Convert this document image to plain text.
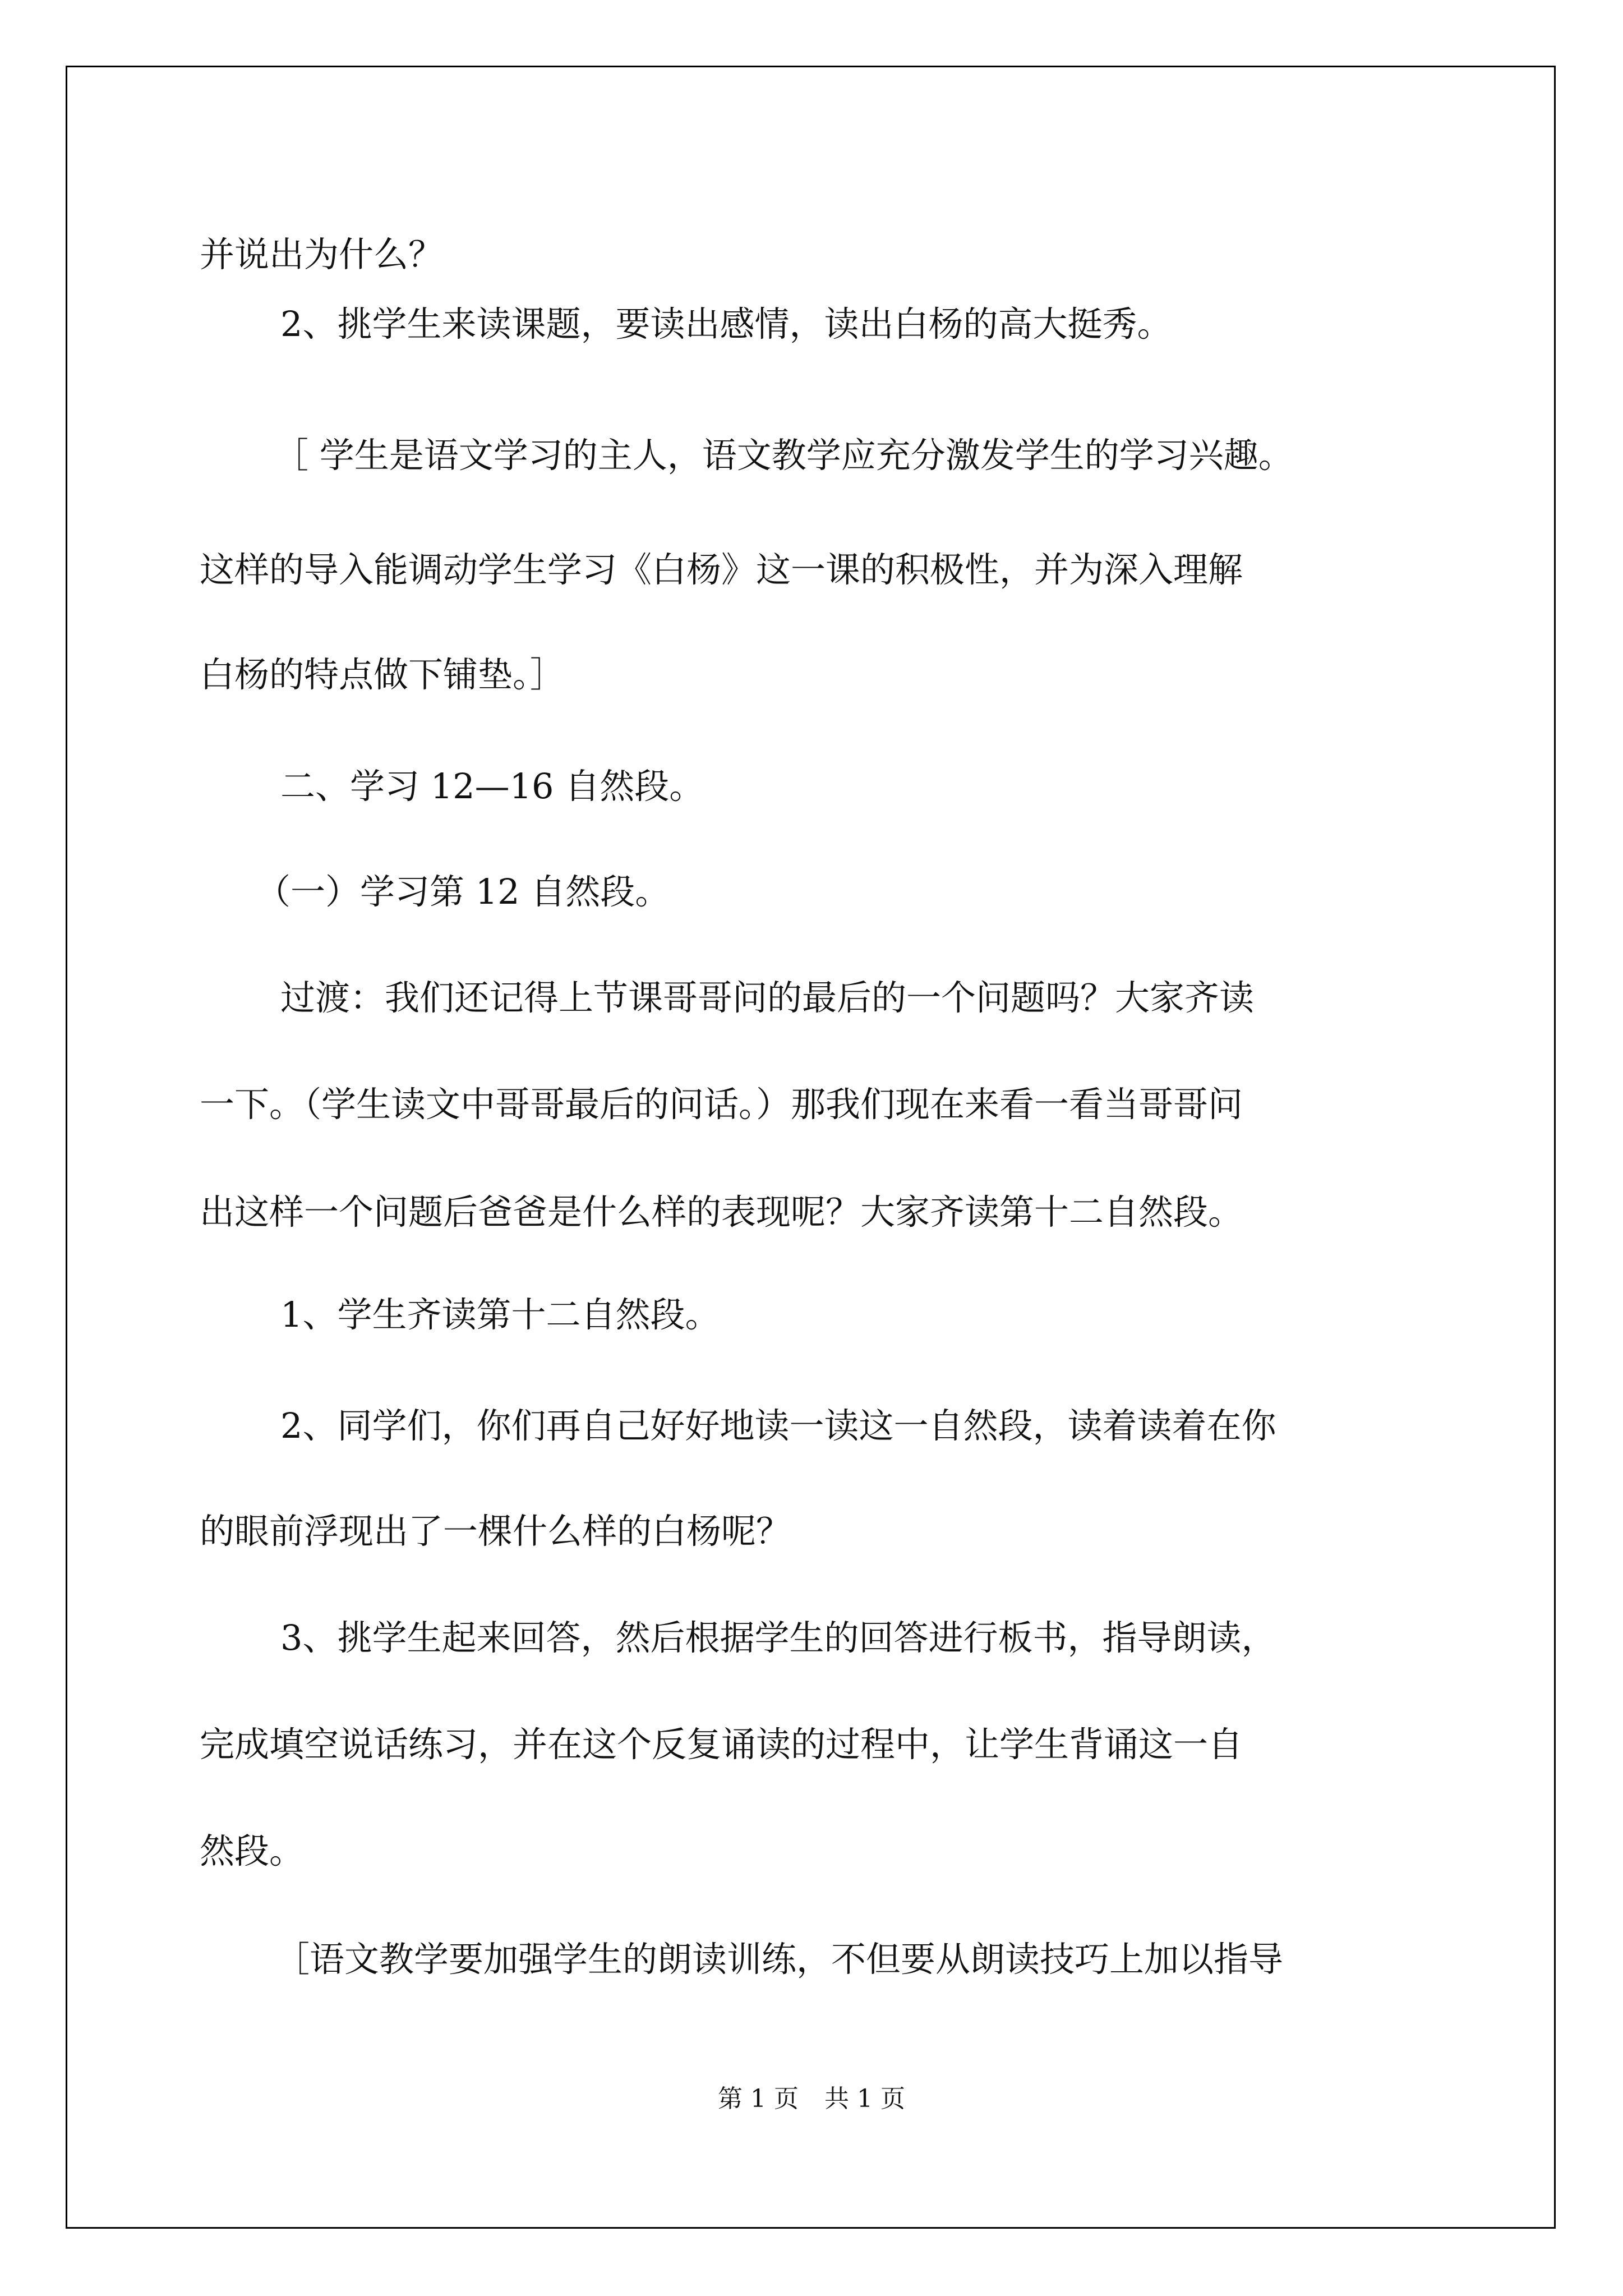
并说出为什么？

2、挑学生来读课题，要读出感情，读出白杨的高大挺秀。

［ 学生是语文学习的主人，语文教学应充分激发学生的学习兴趣。

这样的导入能调动学生学习《白杨》这一课的积极性，并为深入理解

白杨的特点做下铺垫。］

二、学习 12—16 自然段。

（一）学习第 12 自然段。

过渡：我们还记得上节课哥哥问的最后的一个问题吗？大家齐读

一下。（学生读文中哥哥最后的问话。）那我们现在来看一看当哥哥问

出这样一个问题后爸爸是什么样的表现呢？大家齐读第十二自然段。

1、学生齐读第十二自然段。

2、同学们，你们再自己好好地读一读这一自然段，读着读着在你

的眼前浮现出了一棵什么样的白杨呢？

3、挑学生起来回答，然后根据学生的回答进行板书，指导朗读，

完成填空说话练习，并在这个反复诵读的过程中，让学生背诵这一自

然段。

［语文教学要加强学生的朗读训练，不但要从朗读技巧上加以指导

第 1 页 共 1 页
